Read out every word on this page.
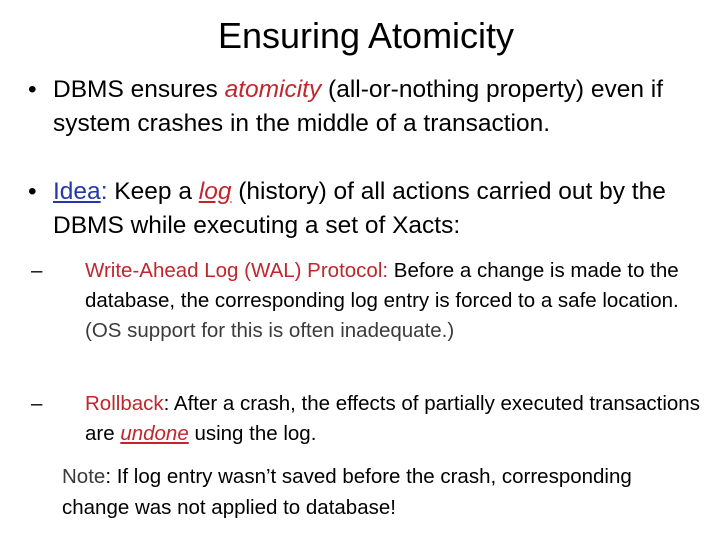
Ensuring Atomicity
• DBMS ensures atomicity (all-or-nothing property) even if system crashes in the middle of a transaction.
• Idea: Keep a log (history) of all actions carried out by the DBMS while executing a set of Xacts:
– Write-Ahead Log (WAL) Protocol: Before a change is made to the database, the corresponding log entry is forced to a safe location. (OS support for this is often inadequate.)
– Rollback: After a crash, the effects of partially executed transactions are undone using the log.
Note: If log entry wasn’t saved before the crash, corresponding change was not applied to database!
